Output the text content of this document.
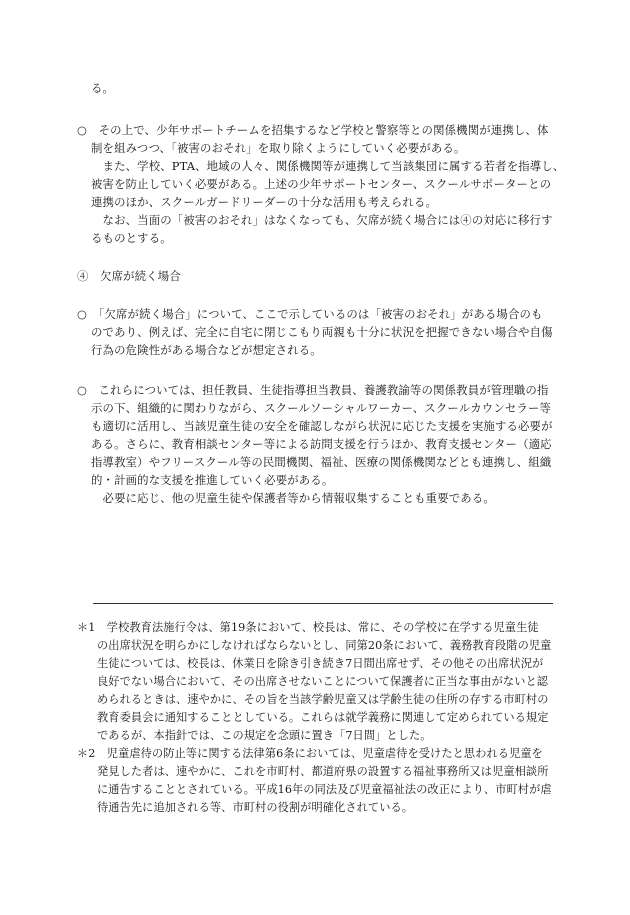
る。
○　その上で、少年サポートチームを招集するなど学校と警察等との関係機関が連携し、体
制を組みつつ、「被害のおそれ」を取り除くようにしていく必要がある。
　また、学校、PTA、地域の人々、関係機関等が連携して当該集団に属する若者を指導し、
被害を防止していく必要がある。上述の少年サポートセンター、スクールサポーターとの
連携のほか、スクールガードリーダーの十分な活用も考えられる。
　なお、当面の「被害のおそれ」はなくなっても、欠席が続く場合には④の対応に移行す
るものとする。
④　欠席が続く場合
○　「欠席が続く場合」について、ここで示しているのは「被害のおそれ」がある場合のも
のであり、例えば、完全に自宅に閉じこもり両親も十分に状況を把握できない場合や自傷
行為の危険性がある場合などが想定される。
○　これらについては、担任教員、生徒指導担当教員、養護教諭等の関係教員が管理職の指
示の下、組織的に関わりながら、スクールソーシャルワーカー、スクールカウンセラー等
も適切に活用し、当該児童生徒の安全を確認しながら状況に応じた支援を実施する必要が
ある。さらに、教育相談センター等による訪問支援を行うほか、教育支援センター（適応
指導教室）やフリースクール等の民間機関、福祉、医療の関係機関などとも連携し、組織
的・計画的な支援を推進していく必要がある。
　必要に応じ、他の児童生徒や保護者等から情報収集することも重要である。
＊1　学校教育法施行令は、第19条において、校長は、常に、その学校に在学する児童生徒
の出席状況を明らかにしなければならないとし、同第20条において、義務教育段階の児童
生徒については、校長は、休業日を除き引き続き7日間出席せず、その他その出席状況が
良好でない場合において、その出席させないことについて保護者に正当な事由がないと認
められるときは、速やかに、その旨を当該学齢児童又は学齢生徒の住所の存する市町村の
教育委員会に通知することとしている。これらは就学義務に関連して定められている規定
であるが、本指針では、この規定を念頭に置き「7日間」とした。
＊2　児童虐待の防止等に関する法律第6条においては、児童虐待を受けたと思われる児童を
発見した者は、速やかに、これを市町村、都道府県の設置する福祉事務所又は児童相談所
に通告することとされている。平成16年の同法及び児童福祉法の改正により、市町村が虐
待通告先に追加される等、市町村の役割が明確化されている。
